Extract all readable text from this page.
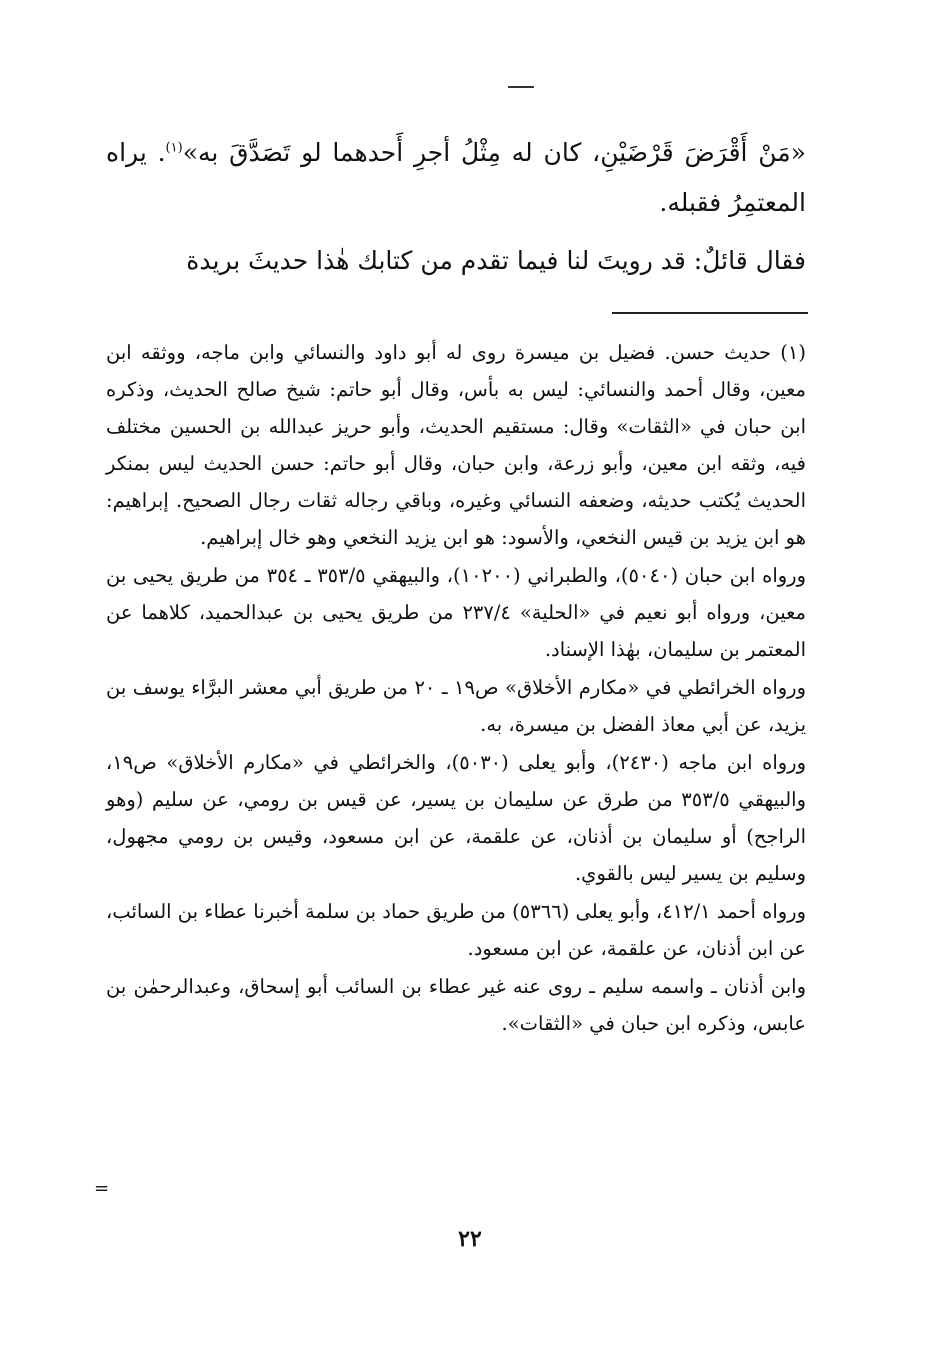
«مَنْ أَقْرَضَ قَرْضَيْنِ، كان له مِثْلُ أجرِ أَحدهما لو تَصَدَّقَ به»$^{(١)}$. يراه المعتمِرُ فقبله.

فقال قائلٌ: قد رويتَ لنا فيما تقدم من كتابك هٰذا حديثَ بريدة

(١) حديث حسن. فضيل بن ميسرة روى له أبو داود والنسائي وابن ماجه، ووثقه ابن معين، وقال أحمد والنسائي: ليس به بأس، وقال أبو حاتم: شيخ صالح الحديث، وذكره ابن حبان في «الثقات» وقال: مستقيم الحديث، وأبو حريز عبدالله بن الحسين مختلف فيه، وثقه ابن معين، وأبو زرعة، وابن حبان، وقال أبو حاتم: حسن الحديث ليس بمنكر الحديث يُكتب حديثه، وضعفه النسائي وغيره، وباقي رجاله ثقات رجال الصحيح. إبراهيم: هو ابن يزيد بن قيس النخعي، والأسود: هو ابن يزيد النخعي وهو خال إبراهيم.

ورواه ابن حبان (٥٠٤٠)، والطبراني (١٠٢٠٠)، والبيهقي ٣٥٣/٥ ـ ٣٥٤ من طريق يحيى بن معين، ورواه أبو نعيم في «الحلية» ٢٣٧/٤ من طريق يحيى بن عبدالحميد، كلاهما عن المعتمر بن سليمان، بهٰذا الإسناد.

ورواه الخرائطي في «مكارم الأخلاق» ص١٩ ـ ٢٠ من طريق أبي معشر البرَّاء يوسف بن يزيد، عن أبي معاذ الفضل بن ميسرة، به.

ورواه ابن ماجه (٢٤٣٠)، وأبو يعلى (٥٠٣٠)، والخرائطي في «مكارم الأخلاق» ص١٩، والبيهقي ٣٥٣/٥ من طرق عن سليمان بن يسير، عن قيس بن رومي، عن سليم (وهو الراجح) أو سليمان بن أذنان، عن علقمة، عن ابن مسعود، وقيس بن رومي مجهول، وسليم بن يسير ليس بالقوي.

ورواه أحمد ٤١٢/١، وأبو يعلى (٥٣٦٦) من طريق حماد بن سلمة أخبرنا عطاء بن السائب، عن ابن أذنان، عن علقمة، عن ابن مسعود.

وابن أذنان ـ واسمه سليم ـ روى عنه غير عطاء بن السائب أبو إسحاق، وعبدالرحمٰن بن عابس، وذكره ابن حبان في «الثقات».

=
٢٢
